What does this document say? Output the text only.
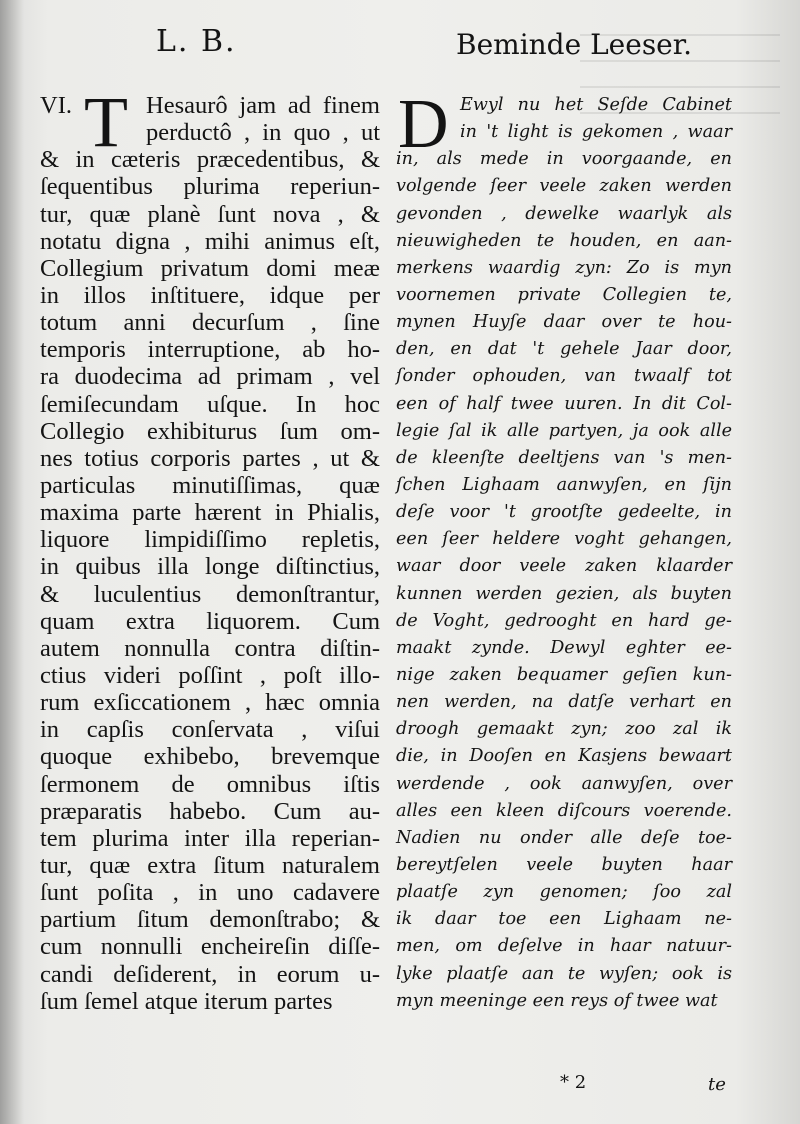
L. B.	Beminde Leeser.
VI. T	D
Hesaurô jam ad finem
perductô , in quo , ut
& in cæteris præcedentibus, &
ſequentibus plurima reperiun-
tur, quæ planè ſunt nova , &
notatu digna , mihi animus eſt,
Collegium privatum domi meæ
in illos inſtituere, idque per
totum anni decurſum , ſine
temporis interruptione, ab ho-
ra duodecima ad primam , vel
ſemiſecundam uſque. In hoc
Collegio exhibiturus ſum om-
nes totius corporis partes , ut &
particulas minutiſſimas, quæ
maxima parte hærent in Phialis,
liquore limpidiſſimo repletis,
in quibus illa longe diſtinctius,
& luculentius demonſtrantur,
quam extra liquorem. Cum
autem nonnulla contra diſtin-
ctius videri poſſint , poſt illo-
rum exſiccationem , hæc omnia
in capſis conſervata , viſui
quoque exhibebo, brevemque
ſermonem de omnibus iſtis
præparatis habebo. Cum au-
tem plurima inter illa reperian-
tur, quæ extra ſitum naturalem
ſunt poſita , in uno cadavere
partium ſitum demonſtrabo; &
cum nonnulli encheireſin diſſe-
candi deſiderent, in eorum u-
ſum ſemel atque iterum partes
Ewyl nu het Seſde Cabinet
in 't light is gekomen , waar
in, als mede in voorgaande, en
volgende ſeer veele zaken werden
gevonden , dewelke waarlyk als
nieuwigheden te houden, en aan-
merkens waardig zyn: Zo is myn
voornemen private Collegien te,
mynen Huyſe daar over te hou-
den, en dat 't gehele Jaar door,
ſonder ophouden, van twaalf tot
een of half twee uuren. In dit Col-
legie ſal ik alle partyen, ja ook alle
de kleenſte deeltjens van 's men-
ſchen Lighaam aanwyſen, en ſijn
deſe voor 't grootſte gedeelte, in
een ſeer heldere voght gehangen,
waar door veele zaken klaarder
kunnen werden gezien, als buyten
de Voght, gedrooght en hard ge-
maakt zynde. Dewyl eghter ee-
nige zaken bequamer geſien kun-
nen werden, na datſe verhart en
droogh gemaakt zyn; zoo zal ik
die, in Dooſen en Kasjens bewaart
werdende , ook aanwyſen, over
alles een kleen diſcours voerende.
Nadien nu onder alle deſe toe-
bereytſelen veele buyten haar
plaatſe zyn genomen; ſoo zal
ik daar toe een Lighaam ne-
men, om deſelve in haar natuur-
lyke plaatſe aan te wyſen; ook is
myn meeninge een reys of twee wat
* 2	te
